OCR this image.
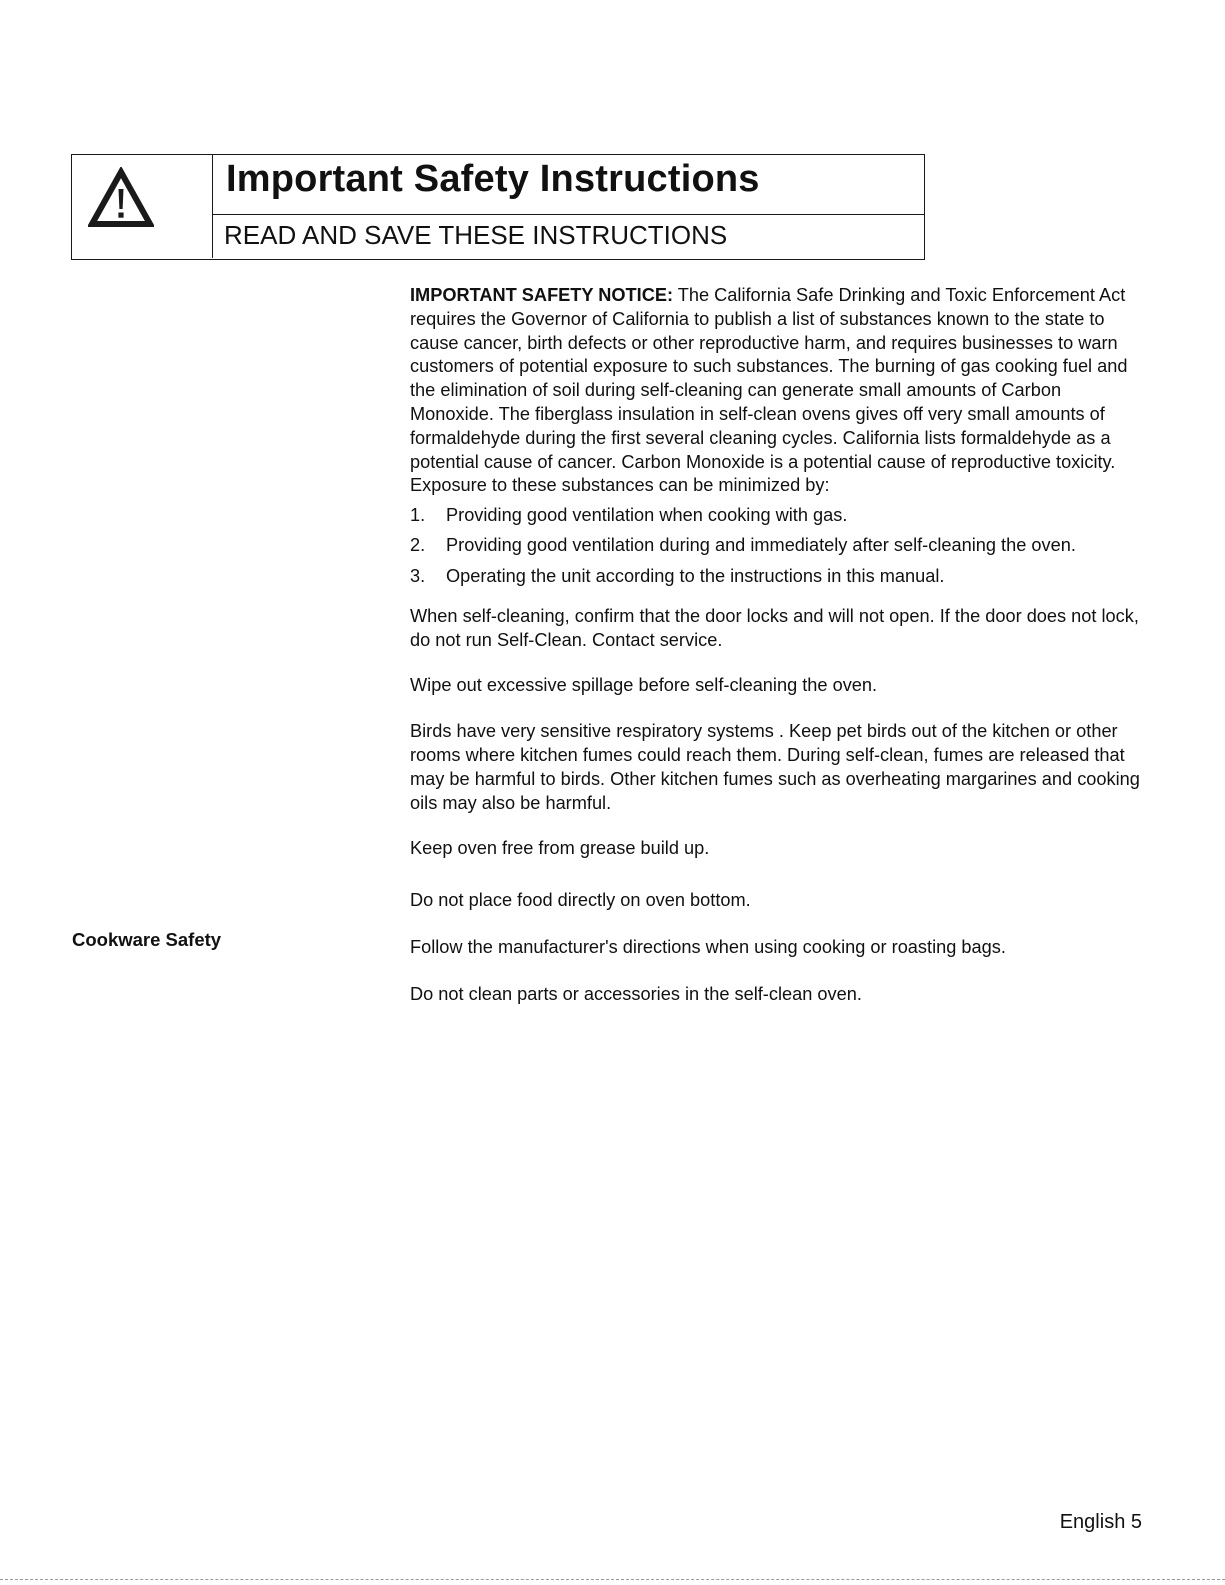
Important Safety Instructions
READ AND SAVE THESE INSTRUCTIONS

IMPORTANT SAFETY NOTICE: The California Safe Drinking and Toxic Enforcement Act requires the Governor of California to publish a list of substances known to the state to cause cancer, birth defects or other reproductive harm, and requires businesses to warn customers of potential exposure to such substances. The burning of gas cooking fuel and the elimination of soil during self-cleaning can generate small amounts of Carbon Monoxide. The fiberglass insulation in self-clean ovens gives off very small amounts of formaldehyde during the first several cleaning cycles. California lists formaldehyde as a potential cause of cancer. Carbon Monoxide is a potential cause of reproductive toxicity. Exposure to these substances can be minimized by:

1. Providing good ventilation when cooking with gas.
2. Providing good ventilation during and immediately after self-cleaning the oven.
3. Operating the unit according to the instructions in this manual.

When self-cleaning, confirm that the door locks and will not open. If the door does not lock, do not run Self-Clean. Contact service.

Wipe out excessive spillage before self-cleaning the oven.

Birds have very sensitive respiratory systems . Keep pet birds out of the kitchen or other rooms where kitchen fumes could reach them. During self-clean, fumes are released that may be harmful to birds. Other kitchen fumes such as overheating margarines and cooking oils may also be harmful.

Keep oven free from grease build up.

Do not place food directly on oven bottom.

Follow the manufacturer's directions when using cooking or roasting bags.

Do not clean parts or accessories in the self-clean oven.

Cookware Safety
English 5
